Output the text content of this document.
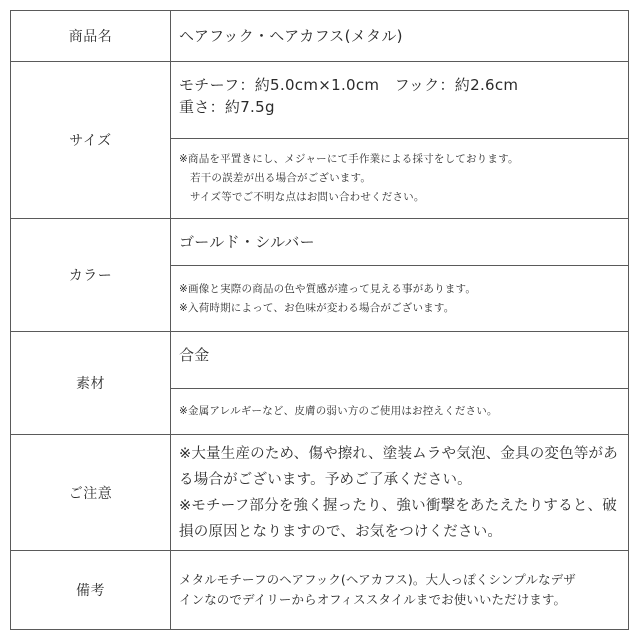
商品名	ヘアフック・ヘアカフス(メタル)

サイズ	モチーフ：約5.0cm×1.0cm　フック：約2.6cm
重さ：約7.5g

	※商品を平置きにし、メジャーにて手作業による採寸をしております。
若干の誤差が出る場合がございます。
サイズ等でご不明な点はお問い合わせください。

カラー	ゴールド・シルバー

	※画像と実際の商品の色や質感が違って見える事があります。
※入荷時期によって、お色味が変わる場合がございます。

素材	合金

	※金属アレルギーなど、皮膚の弱い方のご使用はお控えください。

ご注意	※大量生産のため、傷や擦れ、塗装ムラや気泡、金具の変色等があ
る場合がございます。予めご了承ください。
※モチーフ部分を強く握ったり、強い衝撃をあたえたりすると、破
損の原因となりますので、お気をつけください。

備考	メタルモチーフのヘアフック(ヘアカフス)。大人っぽくシンプルなデザ
インなのでデイリーからオフィススタイルまでお使いいただけます。
